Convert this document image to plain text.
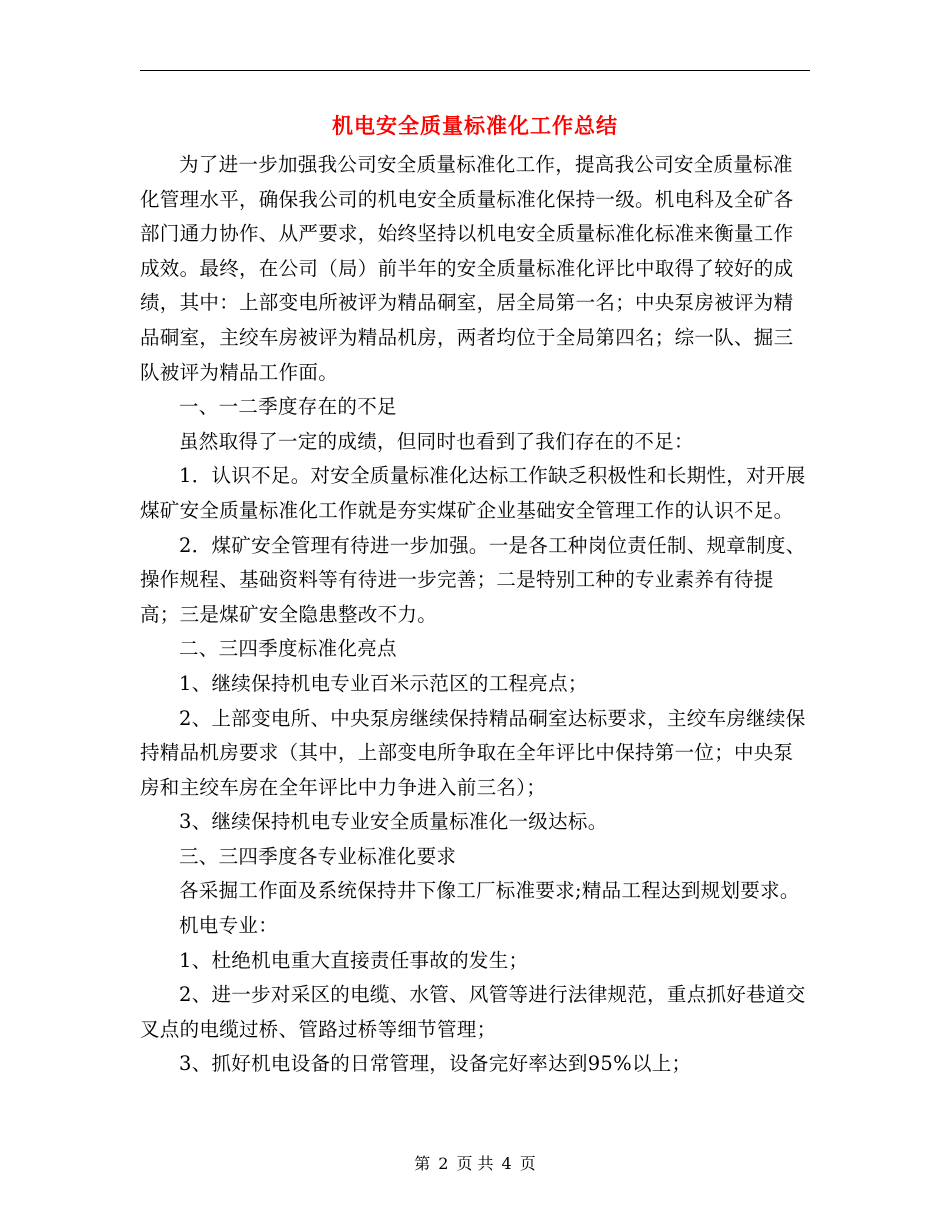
机电安全质量标准化工作总结

为了进一步加强我公司安全质量标准化工作，提高我公司安全质量标准化管理水平，确保我公司的机电安全质量标准化保持一级。机电科及全矿各部门通力协作、从严要求，始终坚持以机电安全质量标准化标准来衡量工作成效。最终，在公司（局）前半年的安全质量标准化评比中取得了较好的成绩，其中：上部变电所被评为精品硐室，居全局第一名；中央泵房被评为精品硐室，主绞车房被评为精品机房，两者均位于全局第四名；综一队、掘三队被评为精品工作面。

一、一二季度存在的不足

虽然取得了一定的成绩，但同时也看到了我们存在的不足：

1．认识不足。对安全质量标准化达标工作缺乏积极性和长期性，对开展煤矿安全质量标准化工作就是夯实煤矿企业基础安全管理工作的认识不足。

2．煤矿安全管理有待进一步加强。一是各工种岗位责任制、规章制度、操作规程、基础资料等有待进一步完善；二是特别工种的专业素养有待提高；三是煤矿安全隐患整改不力。

二、三四季度标准化亮点

1、继续保持机电专业百米示范区的工程亮点；

2、上部变电所、中央泵房继续保持精品硐室达标要求，主绞车房继续保持精品机房要求（其中，上部变电所争取在全年评比中保持第一位；中央泵房和主绞车房在全年评比中力争进入前三名）；

3、继续保持机电专业安全质量标准化一级达标。

三、三四季度各专业标准化要求

各采掘工作面及系统保持井下像工厂标准要求;精品工程达到规划要求。

机电专业：

1、杜绝机电重大直接责任事故的发生；

2、进一步对采区的电缆、水管、风管等进行法律规范，重点抓好巷道交叉点的电缆过桥、管路过桥等细节管理；

3、抓好机电设备的日常管理，设备完好率达到95%以上；

第 2 页 共 4 页
